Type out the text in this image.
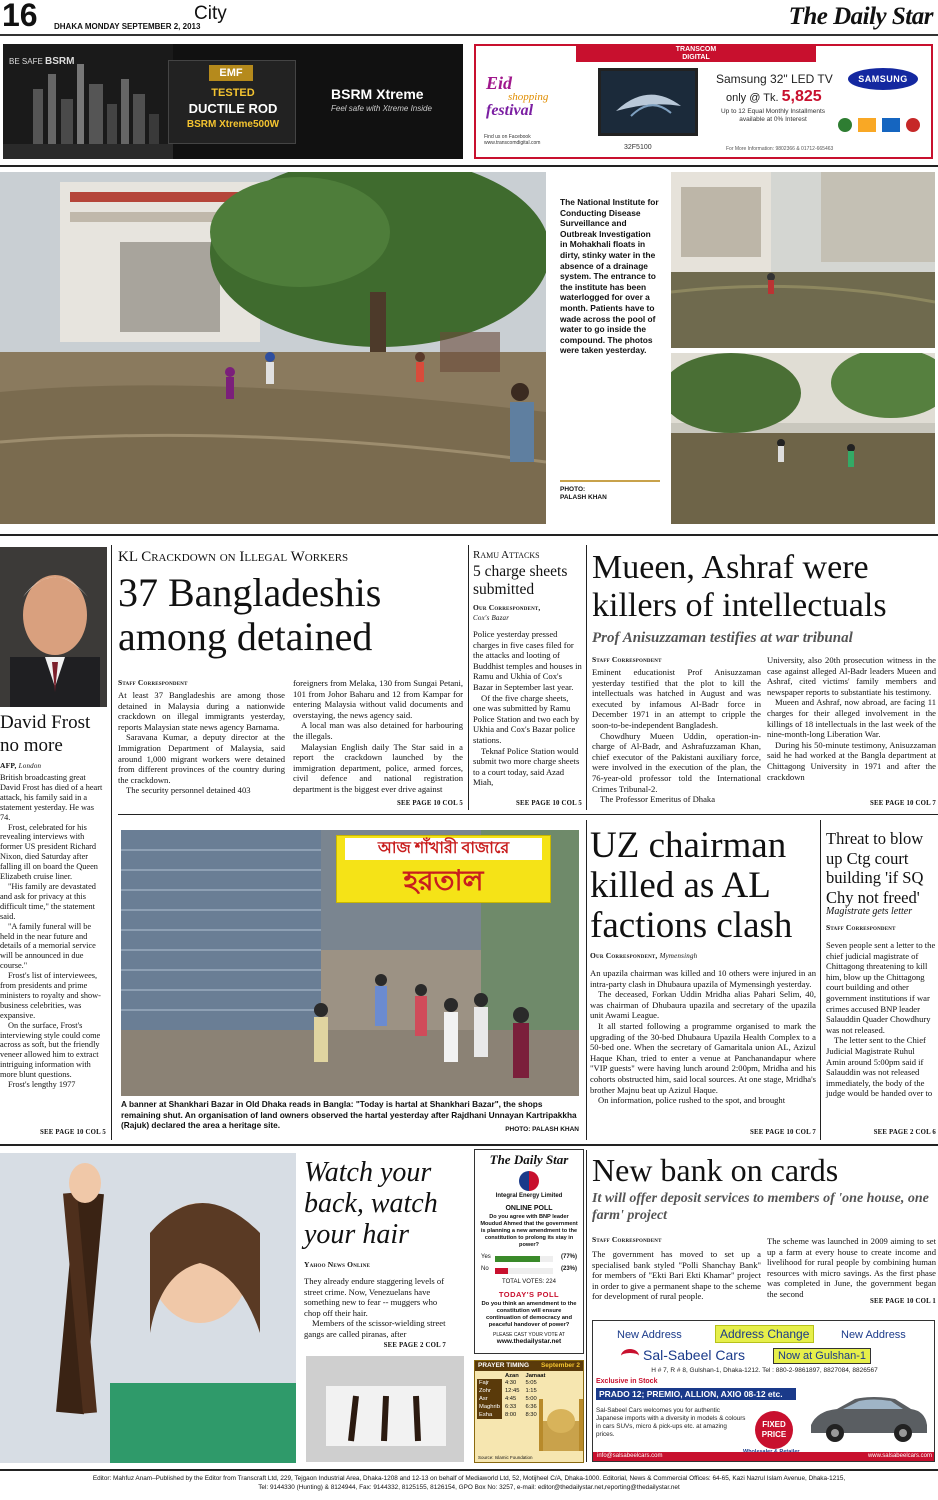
16 DHAKA MONDAY SEPTEMBER 2, 2013
City	The Daily Star
BE SAFE BSRM
EMF
TESTED
DUCTILE ROD
BSRM Xtreme500W
BSRM Xtreme
Feel safe with Xtreme Inside
TRANSCOM
DIGITAL
Eid
shopping
festival
Find us on Facebook
www.transcomdigital.com
32F5100
Samsung 32" LED TV
only @ Tk. 5,825
Up to 12 Equal Monthly Installments available at 0% Interest
SAMSUNG
For More Information: 9802366 & 01712-665463
The National Institute for Conducting Disease Surveillance and Outbreak Investigation in Mohakhali floats in dirty, stinky water in the absence of a drainage system. The entrance to the institute has been waterlogged for over a month. Patients have to wade across the pool of water to go inside the compound. The photos were taken yesterday.
PHOTO:
PALASH KHAN
David Frost no more
AFP, London

British broadcasting great David Frost has died of a heart attack, his family said in a statement yesterday. He was 74.

Frost, celebrated for his revealing interviews with former US president Richard Nixon, died Saturday after falling ill on board the Queen Elizabeth cruise liner.

"His family are devastated and ask for privacy at this difficult time," the statement said.

"A family funeral will be held in the near future and details of a memorial service will be announced in due course."

Frost's list of interviewees, from presidents and prime ministers to royalty and show-business celebrities, was expansive.

On the surface, Frost's interviewing style could come across as soft, but the friendly veneer allowed him to extract intriguing information with more blunt questions.

Frost's lengthy 1977

SEE PAGE 10 COL 5
KL Crackdown on Illegal Workers
37 Bangladeshis among detained
Staff Correspondent

At least 37 Bangladeshis are among those detained in Malaysia during a nationwide crackdown on illegal immigrants yesterday, reports Malaysian state news agency Barnama.

Saravana Kumar, a deputy director at the Immigration Department of Malaysia, said around 1,000 migrant workers were detained from different provinces of the country during the crackdown.

The security personnel detained 403

foreigners from Melaka, 130 from Sungai Petani, 101 from Johor Baharu and 12 from Kampar for entering Malaysia without valid documents and overstaying, the news agency said.

A local man was also detained for harbouring the illegals.

Malaysian English daily The Star said in a report the crackdown launched by the immigration department, police, armed forces, civil defence and national registration department is the biggest ever drive against

SEE PAGE 10 COL 5
Ramu Attacks
5 charge sheets submitted
Our Correspondent,
Cox's Bazar

Police yesterday pressed charges in five cases filed for the attacks and looting of Buddhist temples and houses in Ramu and Ukhia of Cox's Bazar in September last year.

Of the five charge sheets, one was submitted by Ramu Police Station and two each by Ukhia and Cox's Bazar police stations.

Teknaf Police Station would submit two more charge sheets to a court today, said Azad Miah,

SEE PAGE 10 COL 5
Mueen, Ashraf were killers of intellectuals
Prof Anisuzzaman testifies at war tribunal
Staff Correspondent

Eminent educationist Prof Anisuzzaman yesterday testified that the plot to kill the intellectuals was hatched in August and was executed by infamous Al-Badr force in December 1971 in an attempt to cripple the soon-to-be-independent Bangladesh.

Chowdhury Mueen Uddin, operation-in-charge of Al-Badr, and Ashrafuzzaman Khan, chief executor of the Pakistani auxiliary force, were involved in the execution of the plan, the 76-year-old professor told the International Crimes Tribunal-2.

The Professor Emeritus of Dhaka

University, also 20th prosecution witness in the case against alleged Al-Badr leaders Mueen and Ashraf, cited victims' family members and newspaper reports to substantiate his testimony.

Mueen and Ashraf, now abroad, are facing 11 charges for their alleged involvement in the killings of 18 intellectuals in the last week of the nine-month-long Liberation War.

During his 50-minute testimony, Anisuzzaman said he had worked at the Bangla department at Chittagong University in 1971 and after the crackdown

SEE PAGE 10 COL 7
আজ শাঁখারী বাজারে
হরতাল
A banner at Shankhari Bazar in Old Dhaka reads in Bangla: "Today is hartal at Shankhari Bazar", the shops remaining shut. An organisation of land owners observed the hartal yesterday after Rajdhani Unnayan Kartripakkha (Rajuk) declared the area a heritage site.	PHOTO: PALASH KHAN
UZ chairman killed as AL factions clash
Our Correspondent, Mymensingh

An upazila chairman was killed and 10 others were injured in an intra-party clash in Dhubaura upazila of Mymensingh yesterday.

The deceased, Forkan Uddin Mridha alias Pahari Selim, 40, was chairman of Dhubaura upazila and secretary of the upazila unit Awami League.

It all started following a programme organised to mark the upgrading of the 30-bed Dhubaura Upazila Health Complex to a 50-bed one. When the secretary of Gamaritala union AL, Azizul Haque Khan, tried to enter a venue at Panchanandapur where "VIP guests" were having lunch around 2:00pm, Mridha and his cohorts obstructed him, said local sources. At one stage, Mridha's brother Majnu beat up Azizul Haque.

On information, police rushed to the spot, and brought

SEE PAGE 10 COL 7
Threat to blow up Ctg court building 'if SQ Chy not freed'
Magistrate gets letter
Staff Correspondent

Seven people sent a letter to the chief judicial magistrate of Chittagong threatening to kill him, blow up the Chittagong court building and other government institutions if war crimes accused BNP leader Salauddin Quader Chowdhury was not released.

The letter sent to the Chief Judicial Magistrate Ruhul Amin around 5:00pm said if Salauddin was not released immediately, the body of the judge would be handed over to

SEE PAGE 2 COL 6
Watch your back, watch your hair
Yahoo News Online

They already endure staggering levels of street crime. Now, Venezuelans have something new to fear -- muggers who chop off their hair.

Members of the scissor-wielding street gangs are called piranas, after

SEE PAGE 2 COL 7
The Daily Star
Integral Energy Limited
ONLINE POLL
Do you agree with BNP leader Moudud Ahmed that the government is planning a new amendment to the constitution to prolong its stay in power?
Yes	(77%)
No	(23%)
TOTAL VOTES: 224
TODAY'S POLL
Do you think an amendment to the constitution will ensure continuation of democracy and peaceful handover of power?
PLEASE CAST YOUR VOTE AT
www.thedailystar.net
PRAYER TIMING September 2
	Azan	Jamaat
Fajr	4:30	5:05
Zohr	12:45	1:15
Asr	4:45	5:00
Maghrib	6:33	6:36
Esha	8:00	8:30
Source: Islamic Foundation
New bank on cards
It will offer deposit services to members of 'one house, one farm' project
Staff Correspondent

The government has moved to set up a specialised bank styled "Polli Shanchay Bank" for members of "Ekti Bari Ekti Khamar" project in order to give a permanent shape to the scheme for development of rural people.

The scheme was launched in 2009 aiming to set up a farm at every house to create income and livelihood for rural people by combining human resources with micro savings. As the first phase was completed in June, the government began the second

SEE PAGE 10 COL 1
New Address	Address Change	New Address
Sal-Sabeel Cars	Now at Gulshan-1
H # 7, R # 8, Gulshan-1, Dhaka-1212. Tel : 880-2-9861897, 8827084, 8826567
Exclusive in Stock
PRADO 12; PREMIO, ALLION, AXIO 08-12 etc.
Sal-Sabeel Cars welcomes you for authentic Japanese imports with a diversity in models & colours in cars SUVs, micro & pick-ups etc. at amazing prices.
FIXED PRICE
info@salsabeelcars.com	www.salsabeelcars.com
Editor: Mahfuz Anam–Published by the Editor from Transcraft Ltd, 229, Tejgaon Industrial Area, Dhaka-1208 and 12-13 on behalf of Mediaworld Ltd, 52, Motijheel C/A, Dhaka-1000. Editorial, News & Commercial Offices: 64-65, Kazi Nazrul Islam Avenue, Dhaka-1215,
Tel: 9144330 (Hunting) & 8124944, Fax: 9144332, 8125155, 8126154, GPO Box No: 3257, e-mail: editor@thedailystar.net,reporting@thedailystar.net
